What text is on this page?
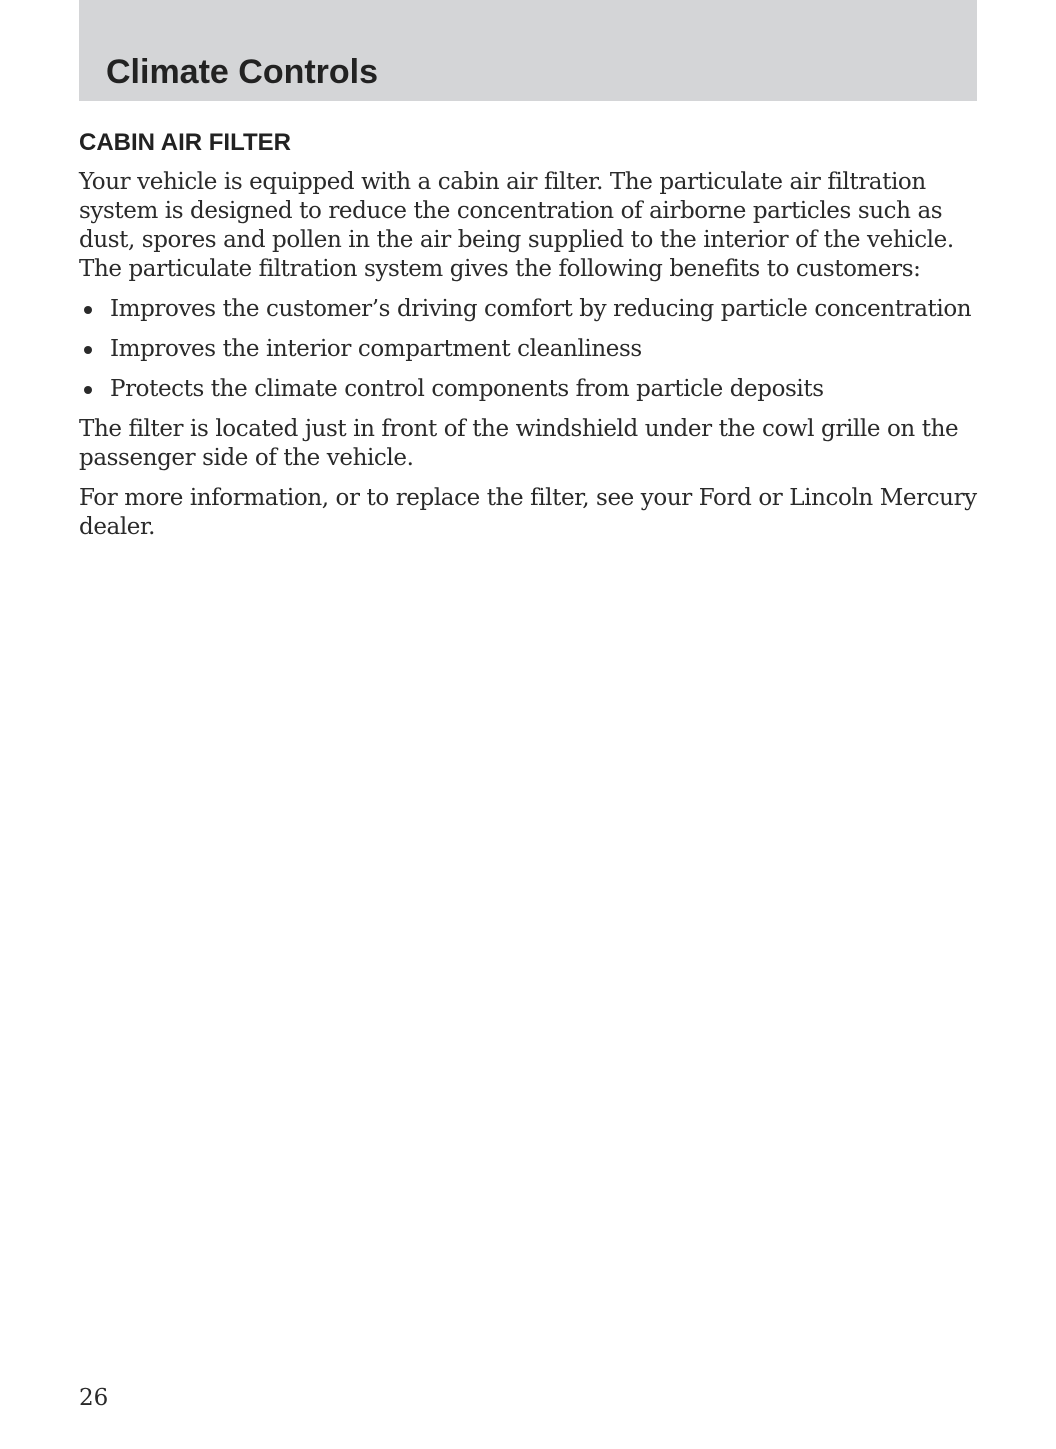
Climate Controls
CABIN AIR FILTER

Your vehicle is equipped with a cabin air filter. The particulate air filtration system is designed to reduce the concentration of airborne particles such as dust, spores and pollen in the air being supplied to the interior of the vehicle. The particulate filtration system gives the following benefits to customers:

Improves the customer’s driving comfort by reducing particle concentration
Improves the interior compartment cleanliness
Protects the climate control components from particle deposits

The filter is located just in front of the windshield under the cowl grille on the passenger side of the vehicle.

For more information, or to replace the filter, see your Ford or Lincoln Mercury dealer.

26
